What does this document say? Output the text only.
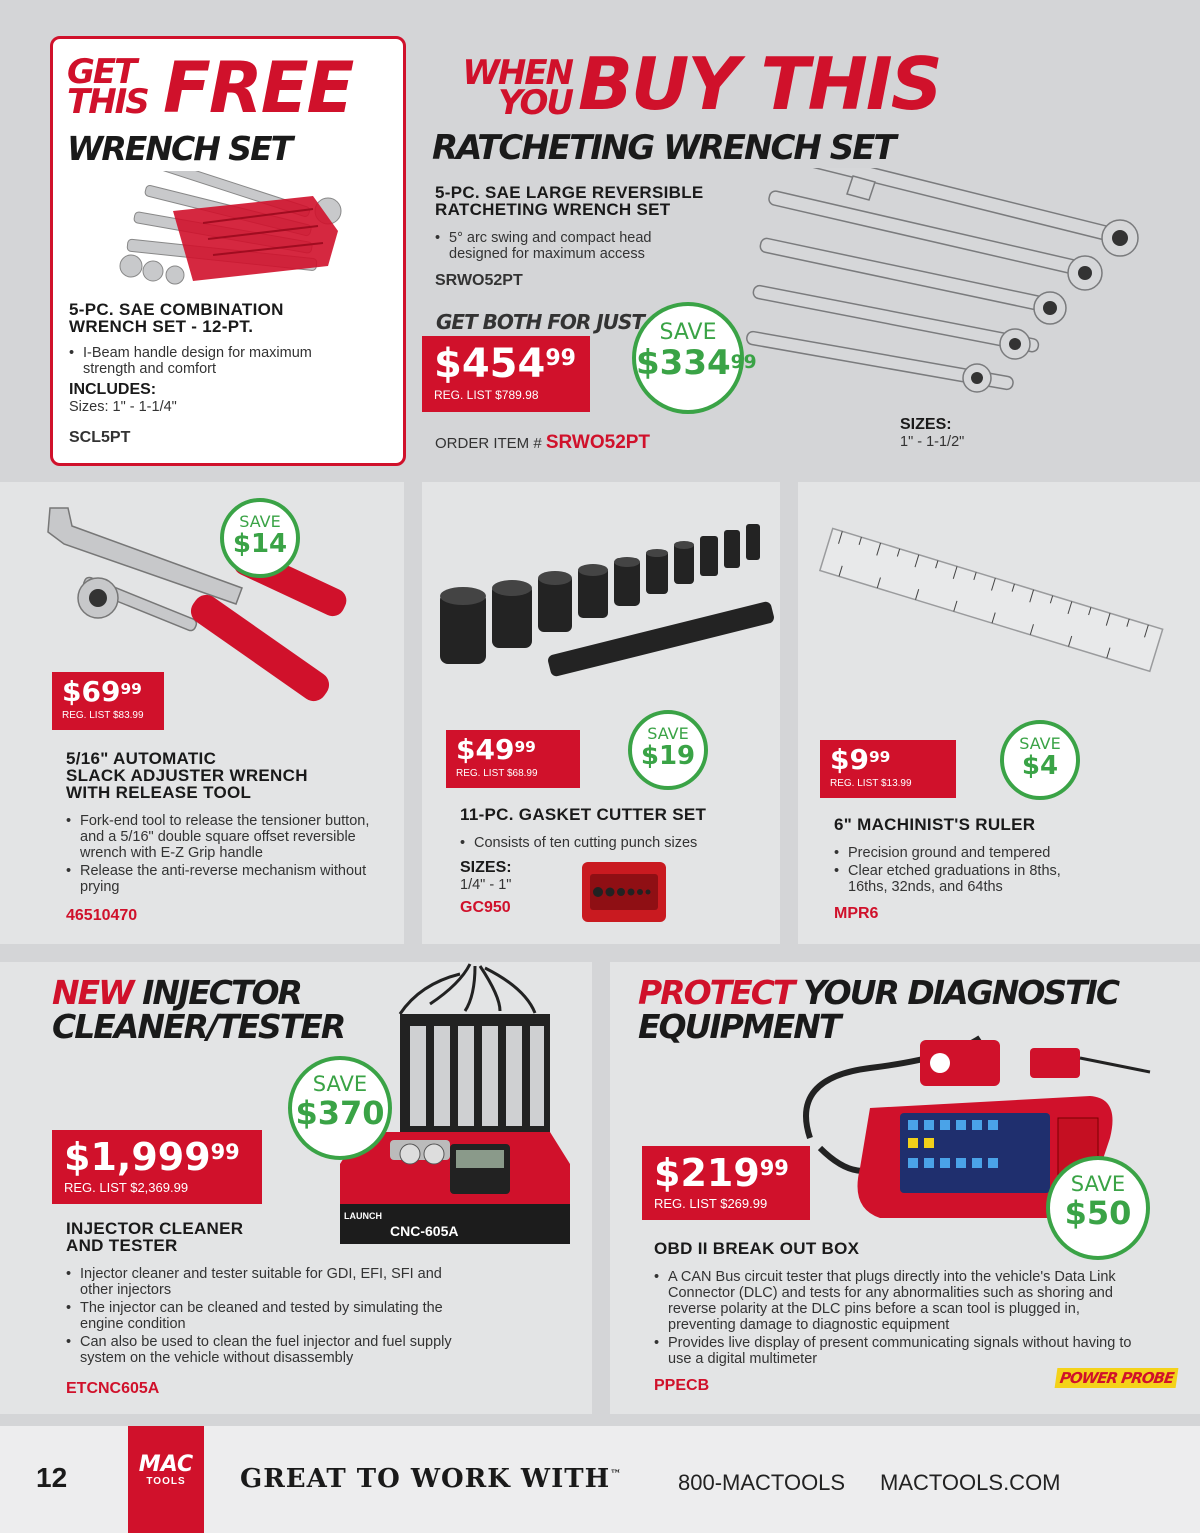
GET
THIS FREE
WRENCH SET
5-PC. SAE COMBINATION WRENCH SET - 12-PT.
• I-Beam handle design for maximum strength and comfort
INCLUDES:
Sizes: 1" - 1-1/4"
SCL5PT
WHEN
YOU BUY THIS
RATCHETING WRENCH SET
5-PC. SAE LARGE REVERSIBLE
RATCHETING WRENCH SET
• 5° arc swing and compact head designed for maximum access
SRWO52PT
GET BOTH FOR JUST
$\$454^{99}$
REG. LIST $789.98
SAVE
$\$334^{99}$
ORDER ITEM # SRWO52PT
SIZES:
1" - 1-1/2"
SAVE
$14
$\$69^{99}$
REG. LIST $83.99
5/16" AUTOMATIC
SLACK ADJUSTER WRENCH
WITH RELEASE TOOL
• Fork-end tool to release the tensioner button, and a 5/16" double square offset reversible wrench with E-Z Grip handle
• Release the anti-reverse mechanism without prying
46510470
SAVE
$19
$\$49^{99}$
REG. LIST $68.99
11-PC. GASKET CUTTER SET
• Consists of ten cutting punch sizes
SIZES:
1/4" - 1"
GC950
SAVE
$4
$\$9^{99}$
REG. LIST $13.99
6" MACHINIST'S RULER
• Precision ground and tempered
• Clear etched graduations in 8ths, 16ths, 32nds, and 64ths
MPR6
NEW INJECTOR
CLEANER/TESTER
LAUNCH
CNC-605A
SAVE
$370
$1,999$^{99}$
REG. LIST $2,369.99
INJECTOR CLEANER
AND TESTER
• Injector cleaner and tester suitable for GDI, EFI, SFI and other injectors
• The injector can be cleaned and tested by simulating the engine condition
• Can also be used to clean the fuel injector and fuel supply system on the vehicle without disassembly
ETCNC605A
PROTECT YOUR DIAGNOSTIC
EQUIPMENT
$\$219^{99}$
REG. LIST $269.99
SAVE
$50
OBD II BREAK OUT BOX
• A CAN Bus circuit tester that plugs directly into the vehicle's Data Link Connector (DLC) and tests for any abnormalities such as shoring and reverse polarity at the DLC pins before a scan tool is plugged in, preventing damage to diagnostic equipment
• Provides live display of present communicating signals without having to use a digital multimeter
PPECB	POWER PROBE
12	MAC
TOOLS	GREAT TO WORK WITH™	800-MACTOOLS MACTOOLS.COM
